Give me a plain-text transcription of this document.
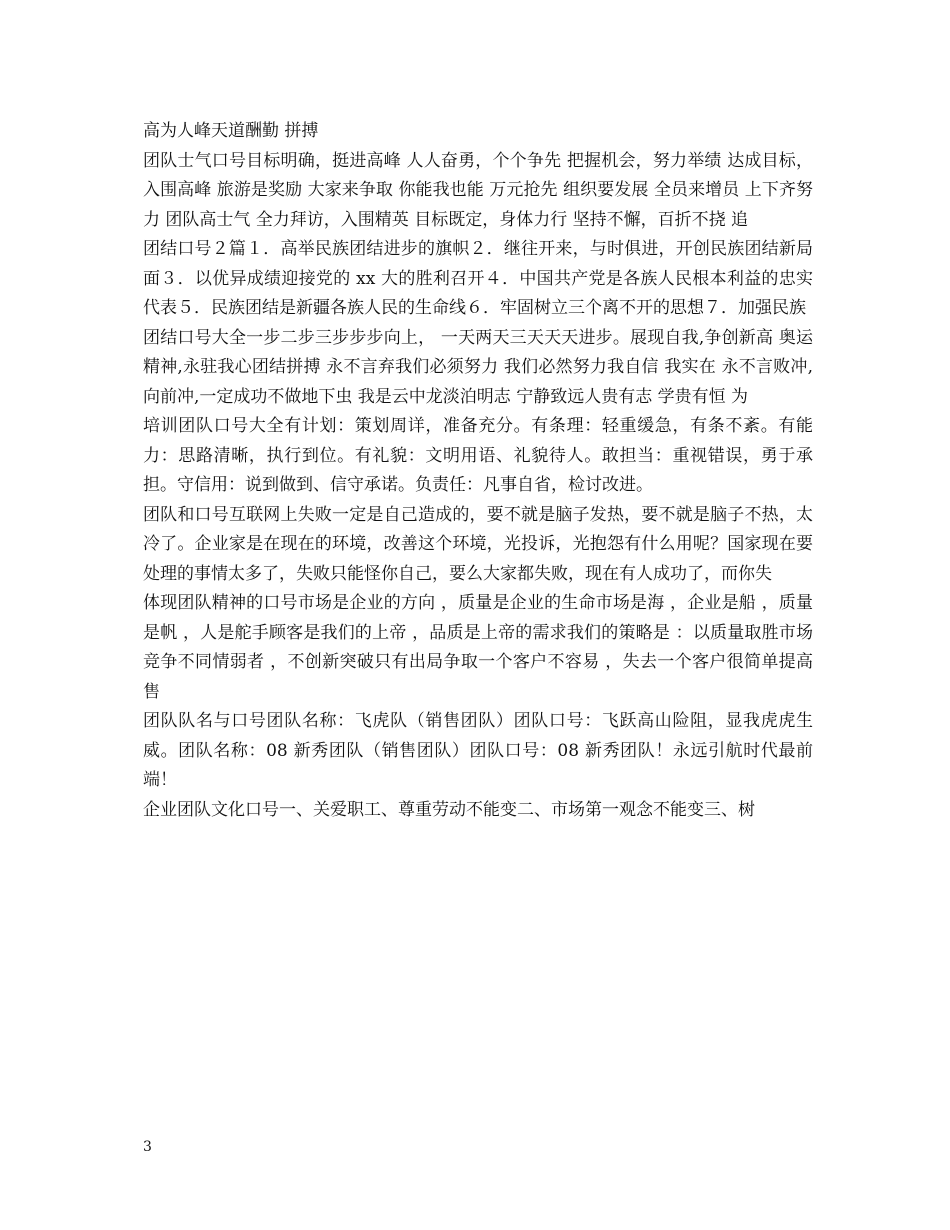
高为人峰天道酬勤 拼搏

团队士气口号目标明确，挺进高峰 人人奋勇，个个争先 把握机会，努力举绩 达成目标，入围高峰 旅游是奖励 大家来争取 你能我也能 万元抢先 组织要发展 全员来增员 上下齐努力 团队高士气 全力拜访，入围精英 目标既定，身体力行 坚持不懈，百折不挠 追

团结口号２篇１．高举民族团结进步的旗帜２．继往开来，与时俱进，开创民族团结新局面３．以优异成绩迎接党的 xx 大的胜利召开４．中国共产党是各族人民根本利益的忠实代表５．民族团结是新疆各族人民的生命线６．牢固树立三个离不开的思想７．加强民族

团结口号大全一步二步三步步步向上， 一天两天三天天天进步。展现自我,争创新高 奥运精神,永驻我心团结拼搏 永不言弃我们必须努力 我们必然努力我自信 我实在 永不言败冲,向前冲,一定成功不做地下虫 我是云中龙淡泊明志 宁静致远人贵有志 学贵有恒 为

培训团队口号大全有计划：策划周详，准备充分。有条理：轻重缓急，有条不紊。有能力：思路清晰，执行到位。有礼貌：文明用语、礼貌待人。敢担当：重视错误，勇于承担。守信用：说到做到、信守承诺。负责任：凡事自省，检讨改进。

团队和口号互联网上失败一定是自己造成的，要不就是脑子发热，要不就是脑子不热，太冷了。企业家是在现在的环境，改善这个环境，光投诉，光抱怨有什么用呢？国家现在要处理的事情太多了，失败只能怪你自己，要么大家都失败，现在有人成功了，而你失

体现团队精神的口号市场是企业的方向 ，质量是企业的生命市场是海 ，企业是船 ，质量是帆 ，人是舵手顾客是我们的上帝 ，品质是上帝的需求我们的策略是 ：以质量取胜市场竞争不同情弱者 ，不创新突破只有出局争取一个客户不容易 ，失去一个客户很简单提高售

团队队名与口号团队名称：飞虎队（销售团队）团队口号：飞跃高山险阻，显我虎虎生威。团队名称：08 新秀团队（销售团队）团队口号：08 新秀团队！永远引航时代最前端！

企业团队文化口号一、关爱职工、尊重劳动不能变二、市场第一观念不能变三、树

3
